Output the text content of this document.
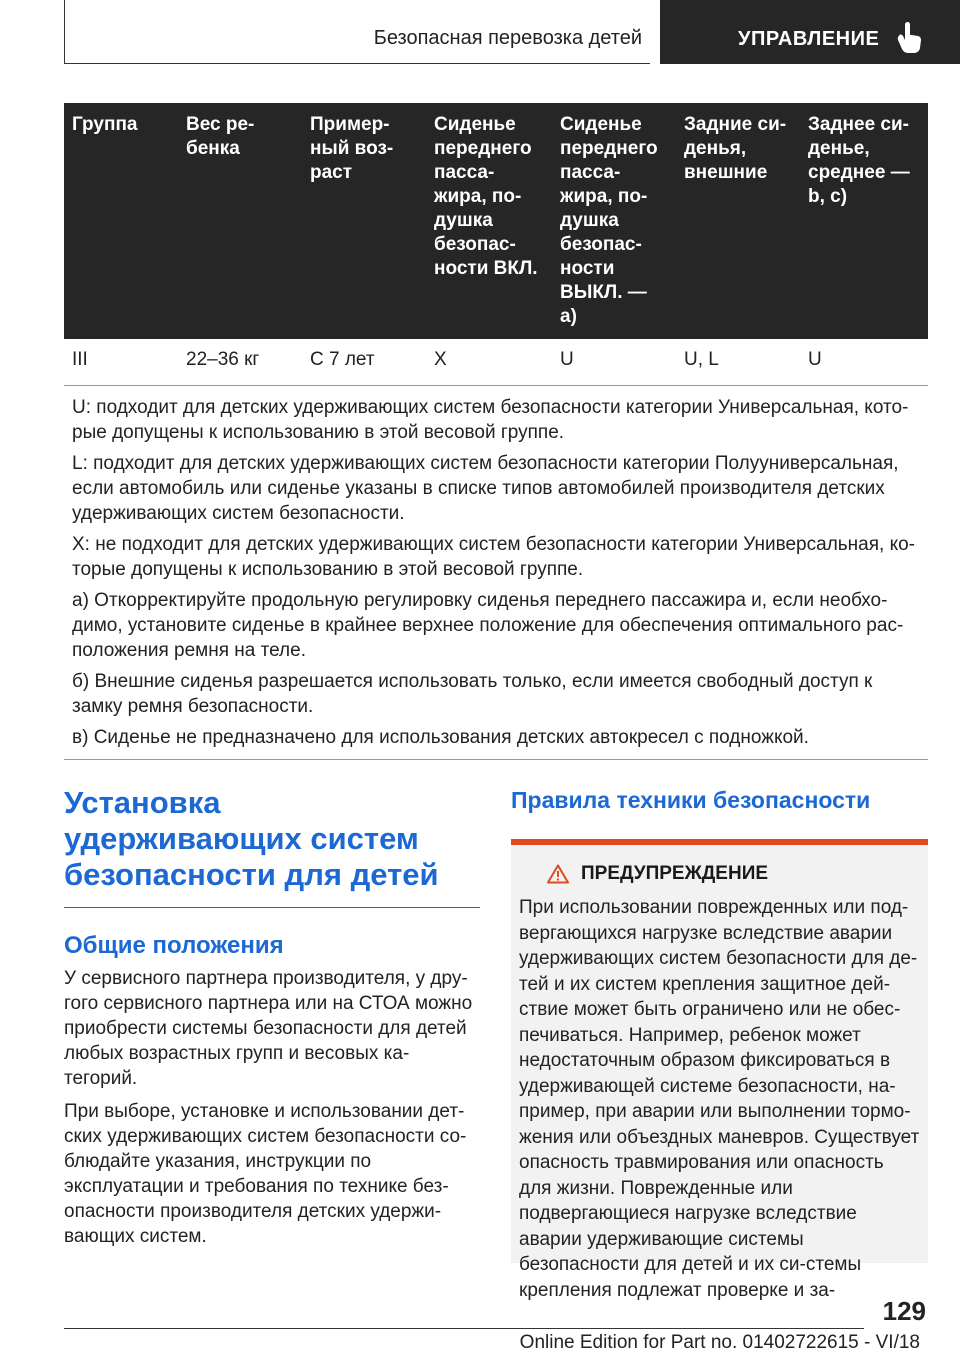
Безопасная перевозка детей	УПРАВЛЕНИЕ
Группа	Вес ре-бенка	Пример-ный воз-раст	Сиденье переднего пасса-жира, по-душка безопас-ности ВКЛ.	Сиденье переднего пасса-жира, по-душка безопас-ности ВЫКЛ. — a)	Задние си-денья, внешние	Заднее си-денье, среднее — b, c)
III	22–36 кг	С 7 лет	X	U	U, L	U

U: подходит для детских удерживающих систем безопасности категории Универсальная, кото-рые допущены к использованию в этой весовой группе.

L: подходит для детских удерживающих систем безопасности категории Полууниверсальная, если автомобиль или сиденье указаны в списке типов автомобилей производителя детских удерживающих систем безопасности.

X: не подходит для детских удерживающих систем безопасности категории Универсальная, ко-торые допущены к использованию в этой весовой группе.

а) Откорректируйте продольную регулировку сиденья переднего пассажира и, если необхо-димо, установите сиденье в крайнее верхнее положение для обеспечения оптимального рас-положения ремня на теле.

б) Внешние сиденья разрешается использовать только, если имеется свободный доступ к замку ремня безопасности.

в) Сиденье не предназначено для использования детских автокресел с подножкой.

Установка
удерживающих систем
безопасности для детей
Общие положения

У сервисного партнера производителя, у дру-гого сервисного партнера или на СТОА можно приобрести системы безопасности для детей любых возрастных групп и весовых ка-тегорий.

При выборе, установке и использовании дет-ских удерживающих систем безопасности со-блюдайте указания, инструкции по эксплуатации и требования по технике без-опасности производителя детских удержи-вающих систем.

Правила техники безопасности
ПРЕДУПРЕЖДЕНИЕ

При использовании поврежденных или под-вергающихся нагрузке вследствие аварии удерживающих систем безопасности для де-тей и их систем крепления защитное дей-ствие может быть ограничено или не обес-печиваться. Например, ребенок может недостаточным образом фиксироваться в удерживающей системе безопасности, на-пример, при аварии или выполнении тормо-жения или объездных маневров. Существует опасность травмирования или опасность для жизни. Поврежденные или подвергающиеся нагрузке вследствие аварии удерживающие системы безопасности для детей и их си-стемы крепления подлежат проверке и за-

129
Online Edition for Part no. 01402722615 - VI/18
